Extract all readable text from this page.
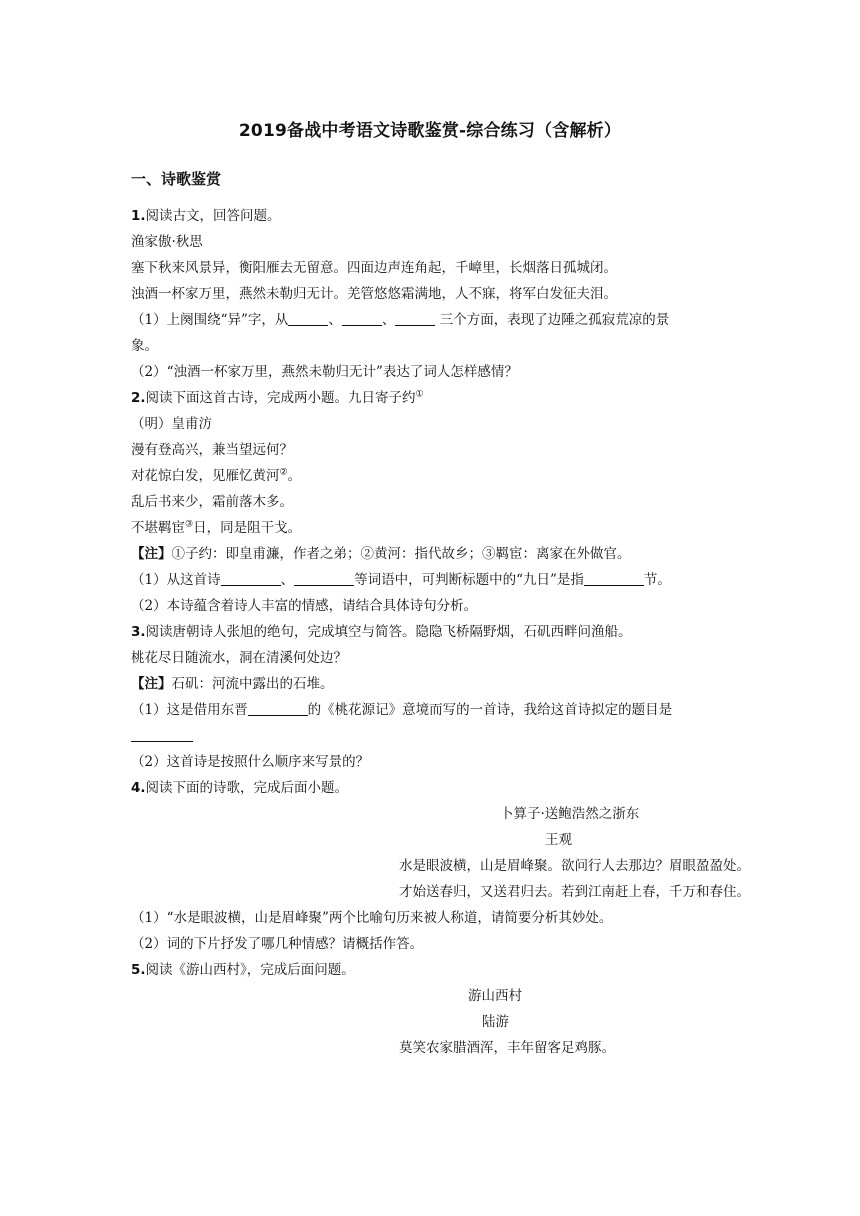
2019备战中考语文诗歌鉴赏-综合练习（含解析）
一、诗歌鉴赏

1.阅读古文，回答问题。

渔家傲·秋思

塞下秋来风景异，衡阳雁去无留意。四面边声连角起，千嶂里，长烟落日孤城闭。

浊酒一杯家万里，燕然未勒归无计。羌管悠悠霜满地，人不寐，将军白发征夫泪。

（1）上阕围绕“异”字，从	、	、	三个方面，表现了边陲之孤寂荒凉的景

象。

（2）“浊酒一杯家万里，燕然未勒归无计”表达了词人怎样感情？

2.阅读下面这首古诗，完成两小题。九日寄子约①

（明）皇甫汸

漫有登高兴，兼当望远何？

对花惊白发，见雁忆黄河②。

乱后书来少，霜前落木多。

不堪羁宦③日，同是阻干戈。

【注】①子约：即皇甫濂，作者之弟；②黄河：指代故乡；③羁宦：离家在外做官。

（1）从这首诗	、	等词语中，可判断标题中的“九日”是指	节。

（2）本诗蕴含着诗人丰富的情感，请结合具体诗句分析。

3.阅读唐朝诗人张旭的绝句，完成填空与简答。隐隐飞桥隔野烟，石矶西畔问渔船。

桃花尽日随流水，洞在清溪何处边？

【注】石矶：河流中露出的石堆。

（1）这是借用东晋	的《桃花源记》意境而写的一首诗，我给这首诗拟定的题目是

（2）这首诗是按照什么顺序来写景的？

4.阅读下面的诗歌，完成后面小题。

卜算子·送鲍浩然之浙东

王观

水是眼波横，山是眉峰聚。欲问行人去那边？眉眼盈盈处。

才始送春归，又送君归去。若到江南赶上春，千万和春住。

（1）“水是眼波横，山是眉峰聚”两个比喻句历来被人称道，请简要分析其妙处。

（2）词的下片抒发了哪几种情感？请概括作答。

5.阅读《游山西村》，完成后面问题。

游山西村

陆游

莫笑农家腊酒浑，丰年留客足鸡豚。
